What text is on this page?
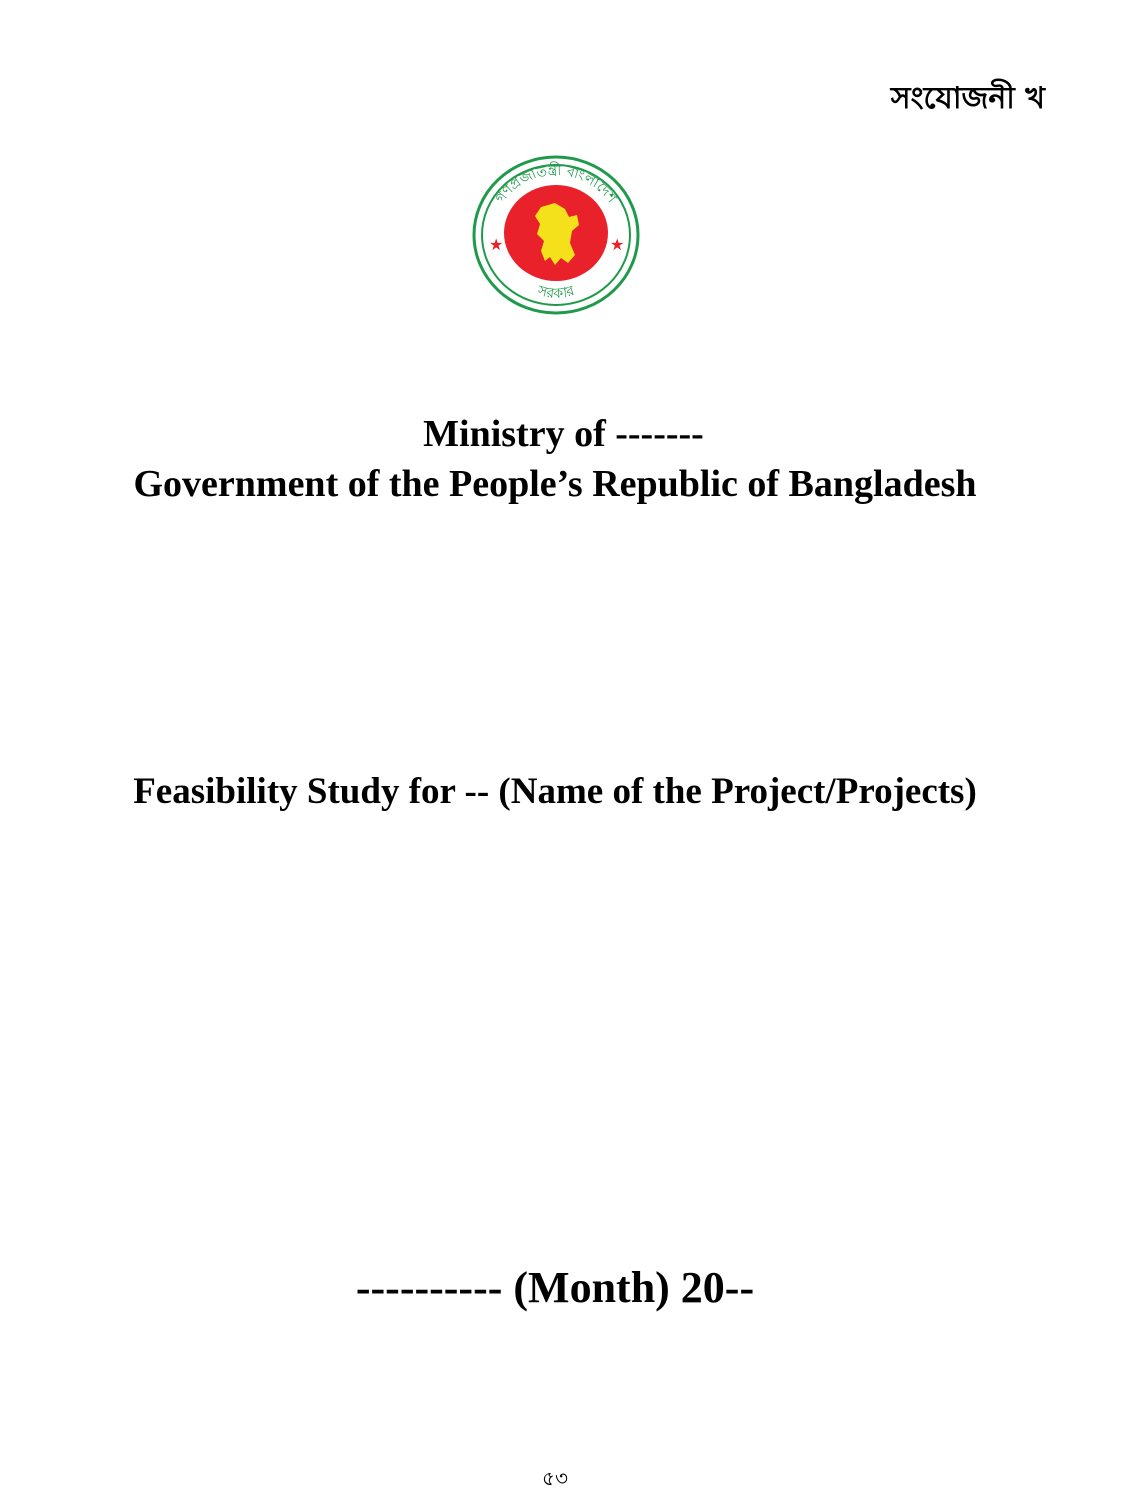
সংযোজনী খ
★	★
গণপ্রজাতন্ত্রী বাংলাদেশ
সরকার
Ministry of -------
Government of the People’s Republic of Bangladesh
Feasibility Study for -- (Name of the Project/Projects)
---------- (Month) 20--
৫৩
